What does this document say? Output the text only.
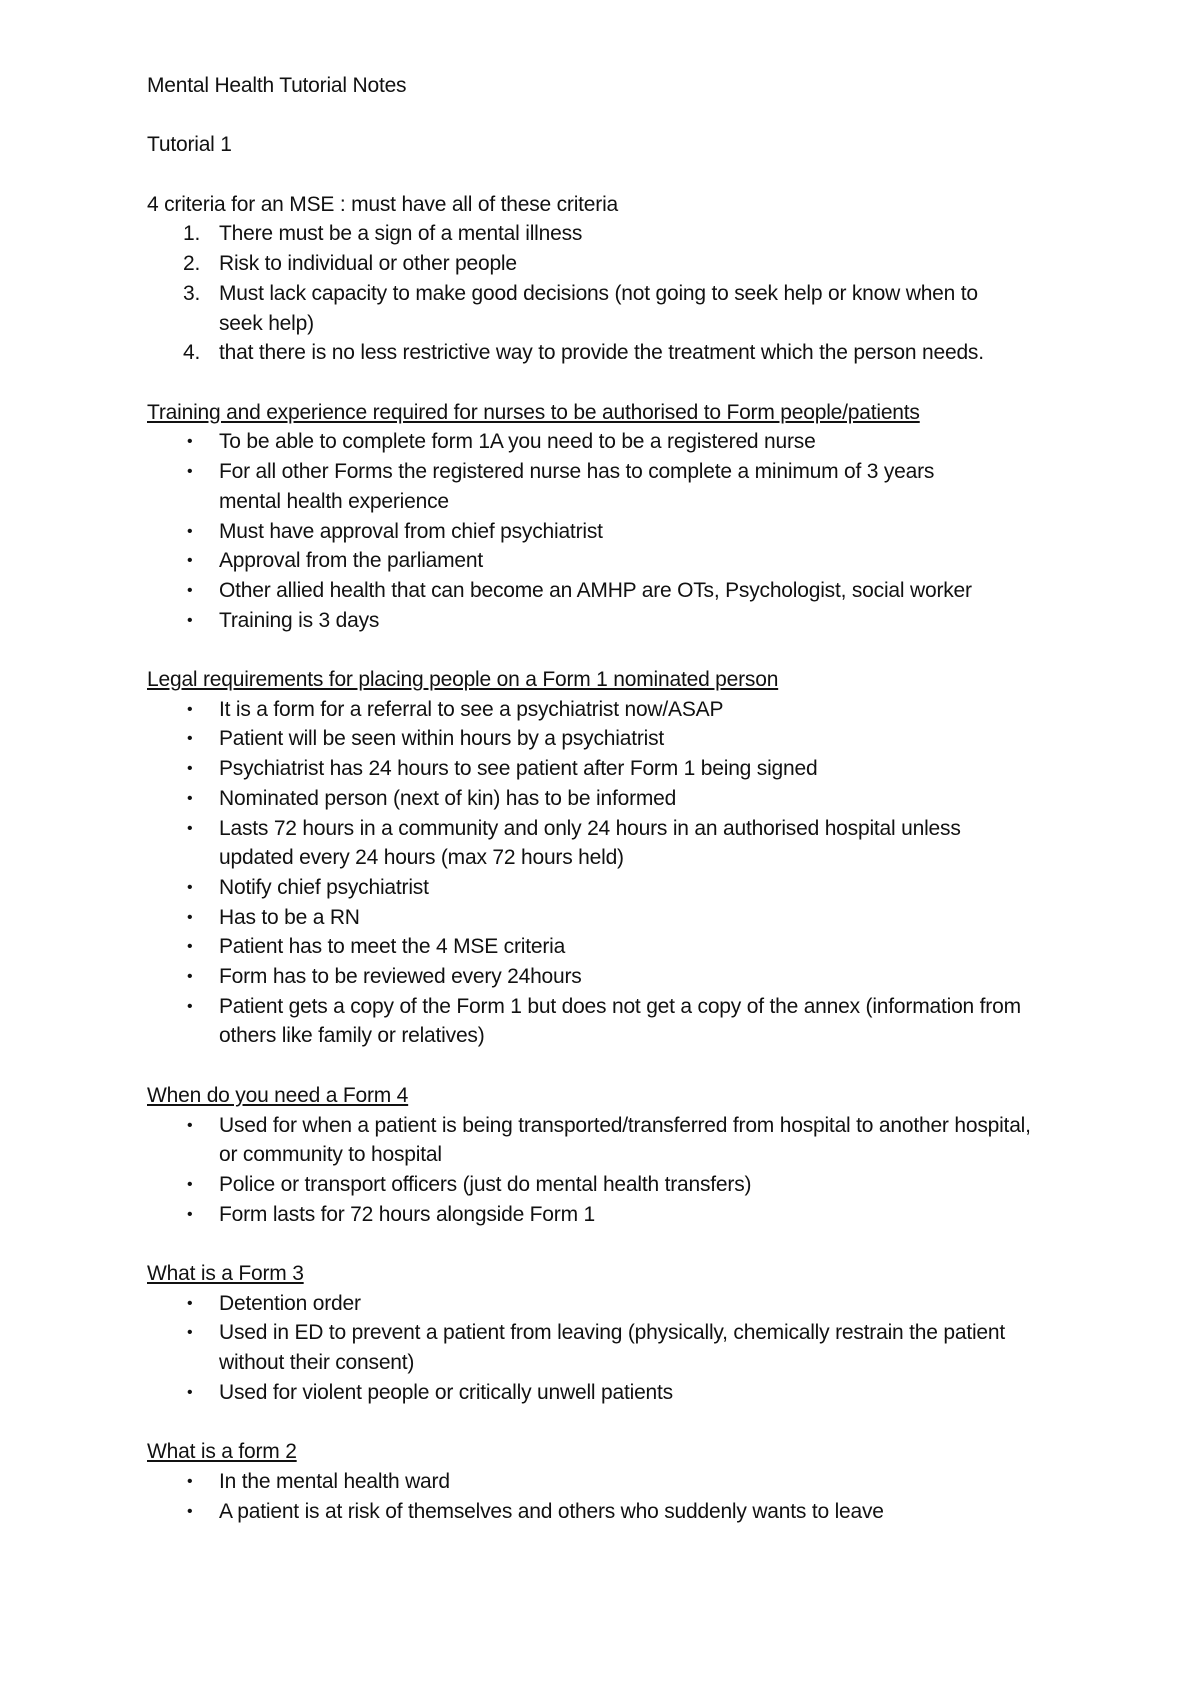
Mental Health Tutorial Notes

Tutorial 1

4 criteria for an MSE : must have all of these criteria

1. There must be a sign of a mental illness
2. Risk to individual or other people
3. Must lack capacity to make good decisions (not going to seek help or know when to seek help)
4. that there is no less restrictive way to provide the treatment which the person needs.

Training and experience required for nurses to be authorised to Form people/patients

• To be able to complete form 1A you need to be a registered nurse
• For all other Forms the registered nurse has to complete a minimum of 3 years mental health experience
• Must have approval from chief psychiatrist
• Approval from the parliament
• Other allied health that can become an AMHP are OTs, Psychologist, social worker
• Training is 3 days

Legal requirements for placing people on a Form 1 nominated person

• It is a form for a referral to see a psychiatrist now/ASAP
• Patient will be seen within hours by a psychiatrist
• Psychiatrist has 24 hours to see patient after Form 1 being signed
• Nominated person (next of kin) has to be informed
• Lasts 72 hours in a community and only 24 hours in an authorised hospital unless updated every 24 hours (max 72 hours held)
• Notify chief psychiatrist
• Has to be a RN
• Patient has to meet the 4 MSE criteria
• Form has to be reviewed every 24hours
• Patient gets a copy of the Form 1 but does not get a copy of the annex (information from others like family or relatives)

When do you need a Form 4

• Used for when a patient is being transported/transferred from hospital to another hospital, or community to hospital
• Police or transport officers (just do mental health transfers)
• Form lasts for 72 hours alongside Form 1

What is a Form 3

• Detention order
• Used in ED to prevent a patient from leaving (physically, chemically restrain the patient without their consent)
• Used for violent people or critically unwell patients

What is a form 2

• In the mental health ward
• A patient is at risk of themselves and others who suddenly wants to leave
